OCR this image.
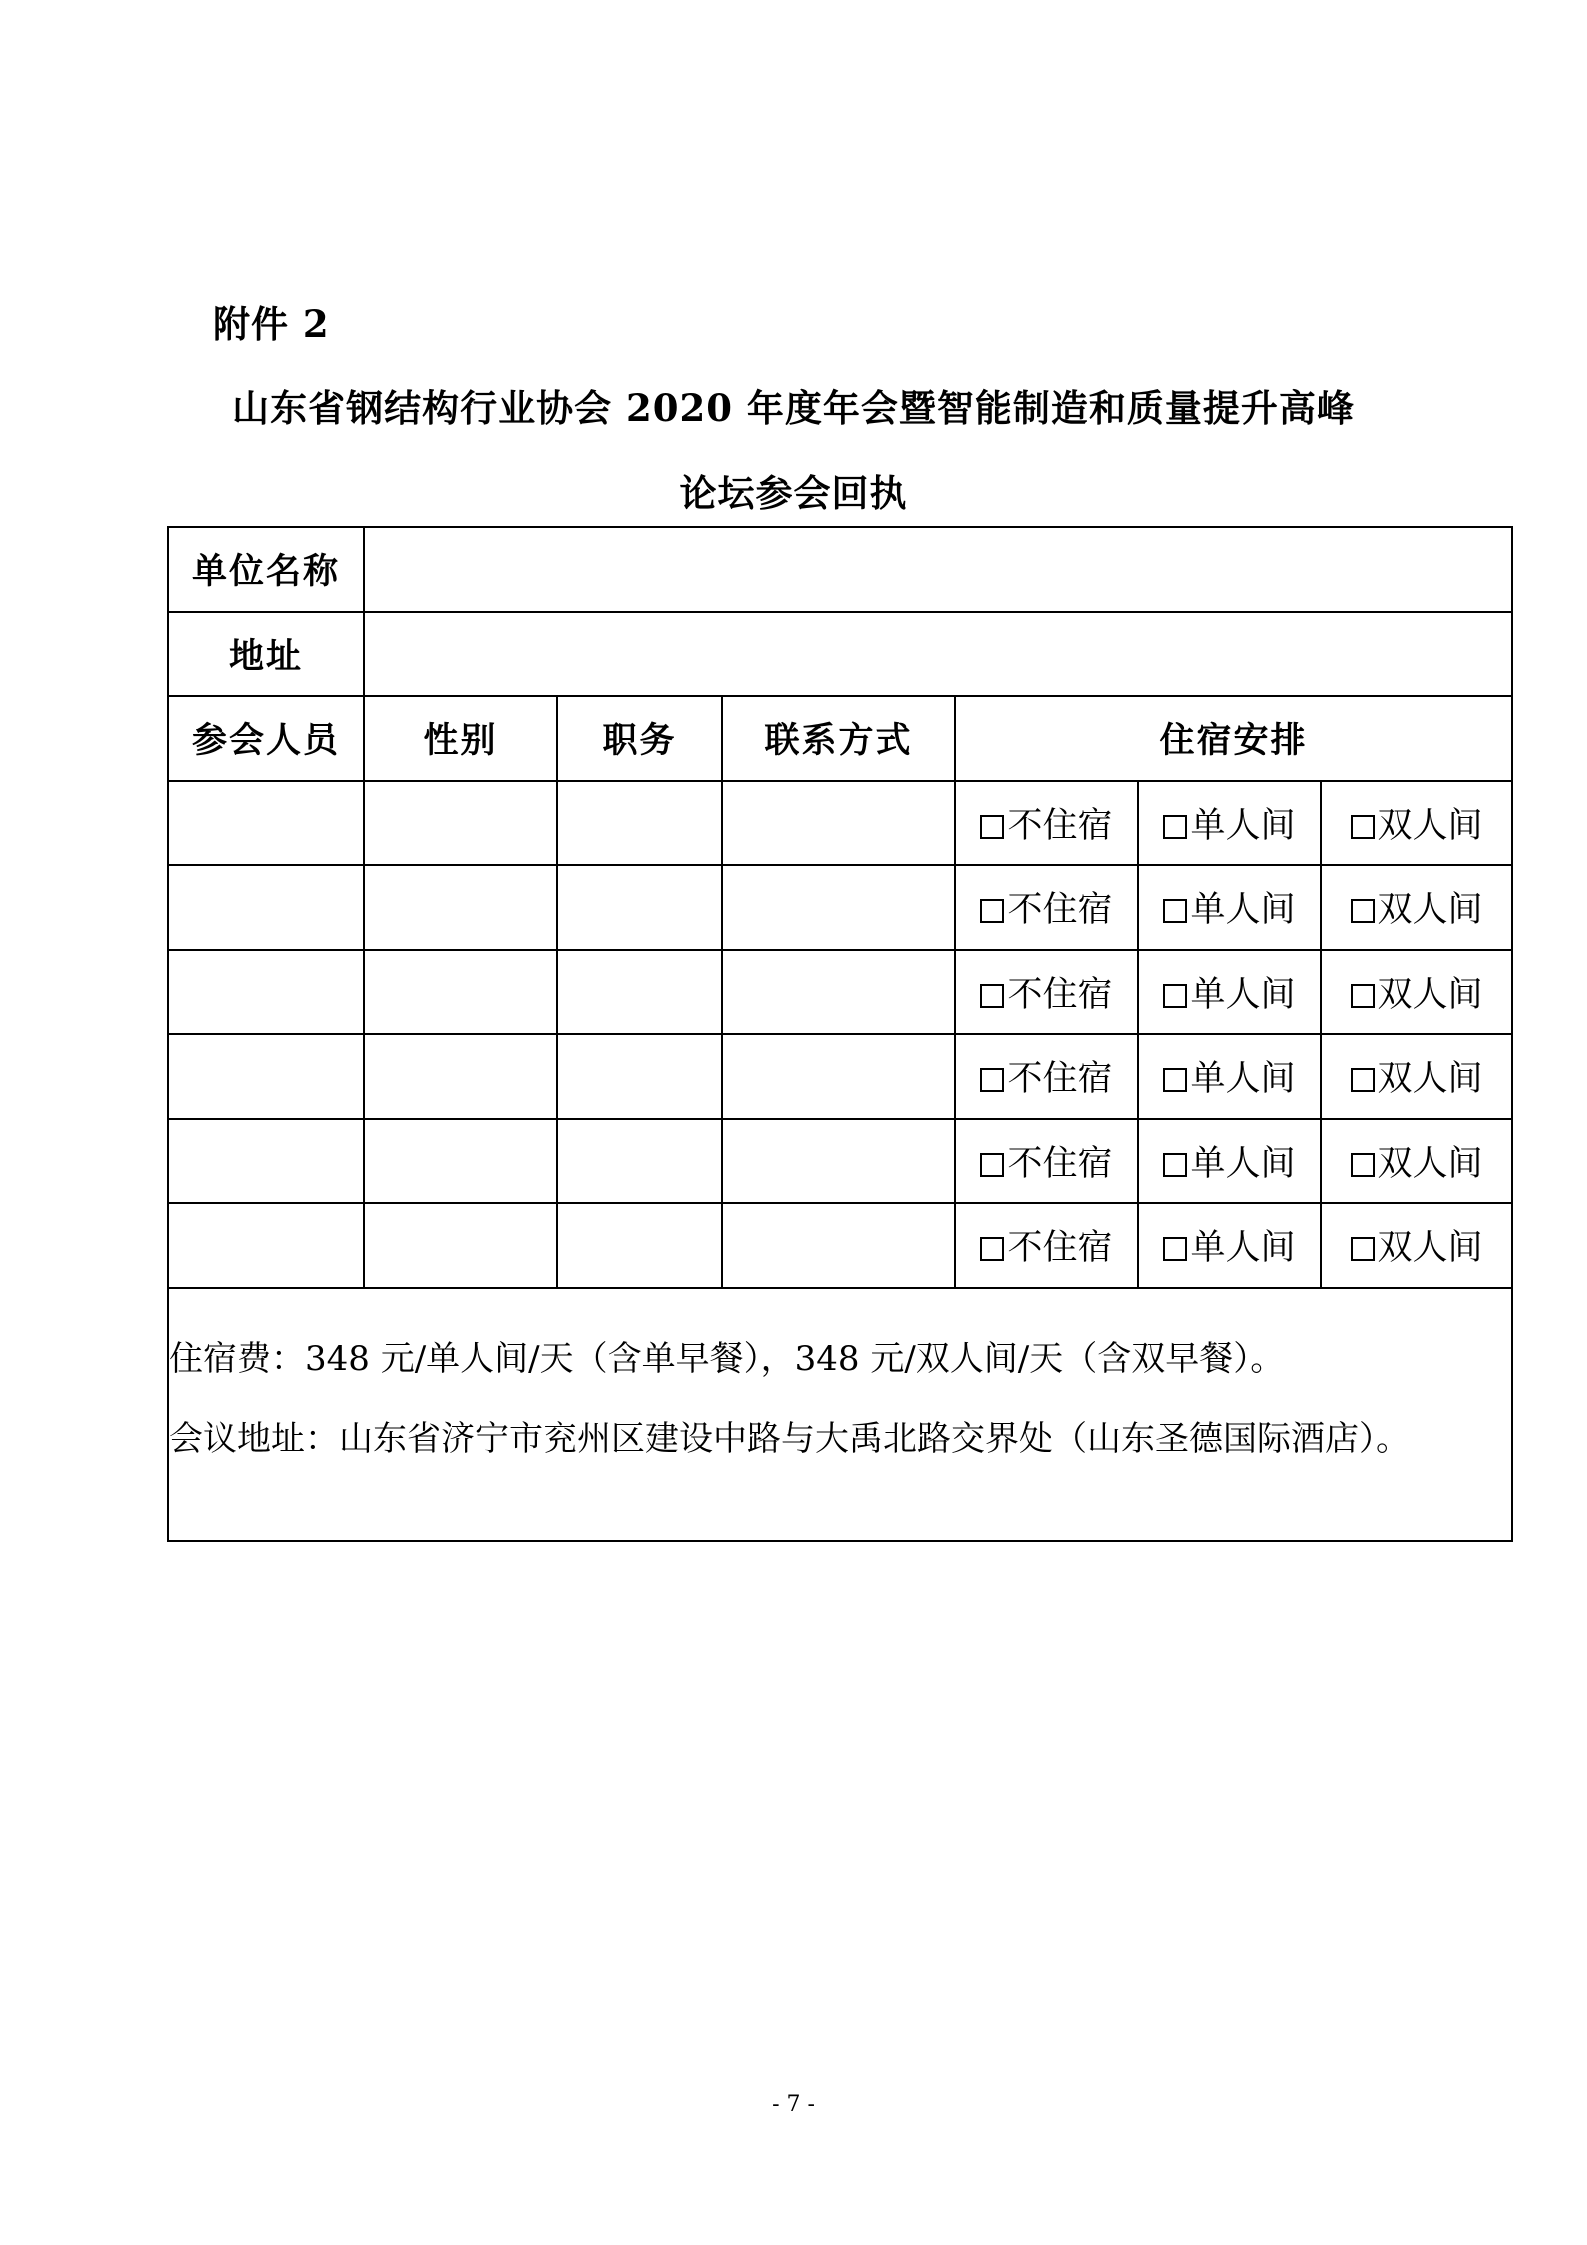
附件 2
山东省钢结构行业协会 2020 年度年会暨智能制造和质量提升高峰
论坛参会回执
单位名称						
地址						
参会人员	性别	职务	联系方式	住宿安排		
				不住宿	单人间	双人间
				不住宿	单人间	双人间
				不住宿	单人间	双人间
				不住宿	单人间	双人间
				不住宿	单人间	双人间
				不住宿	单人间	双人间

住宿费：348 元/单人间/天（含单早餐），348 元/双人间/天（含双早餐）。

会议地址：山东省济宁市兖州区建设中路与大禹北路交界处（山东圣德国际酒店）。						

- 7 -
